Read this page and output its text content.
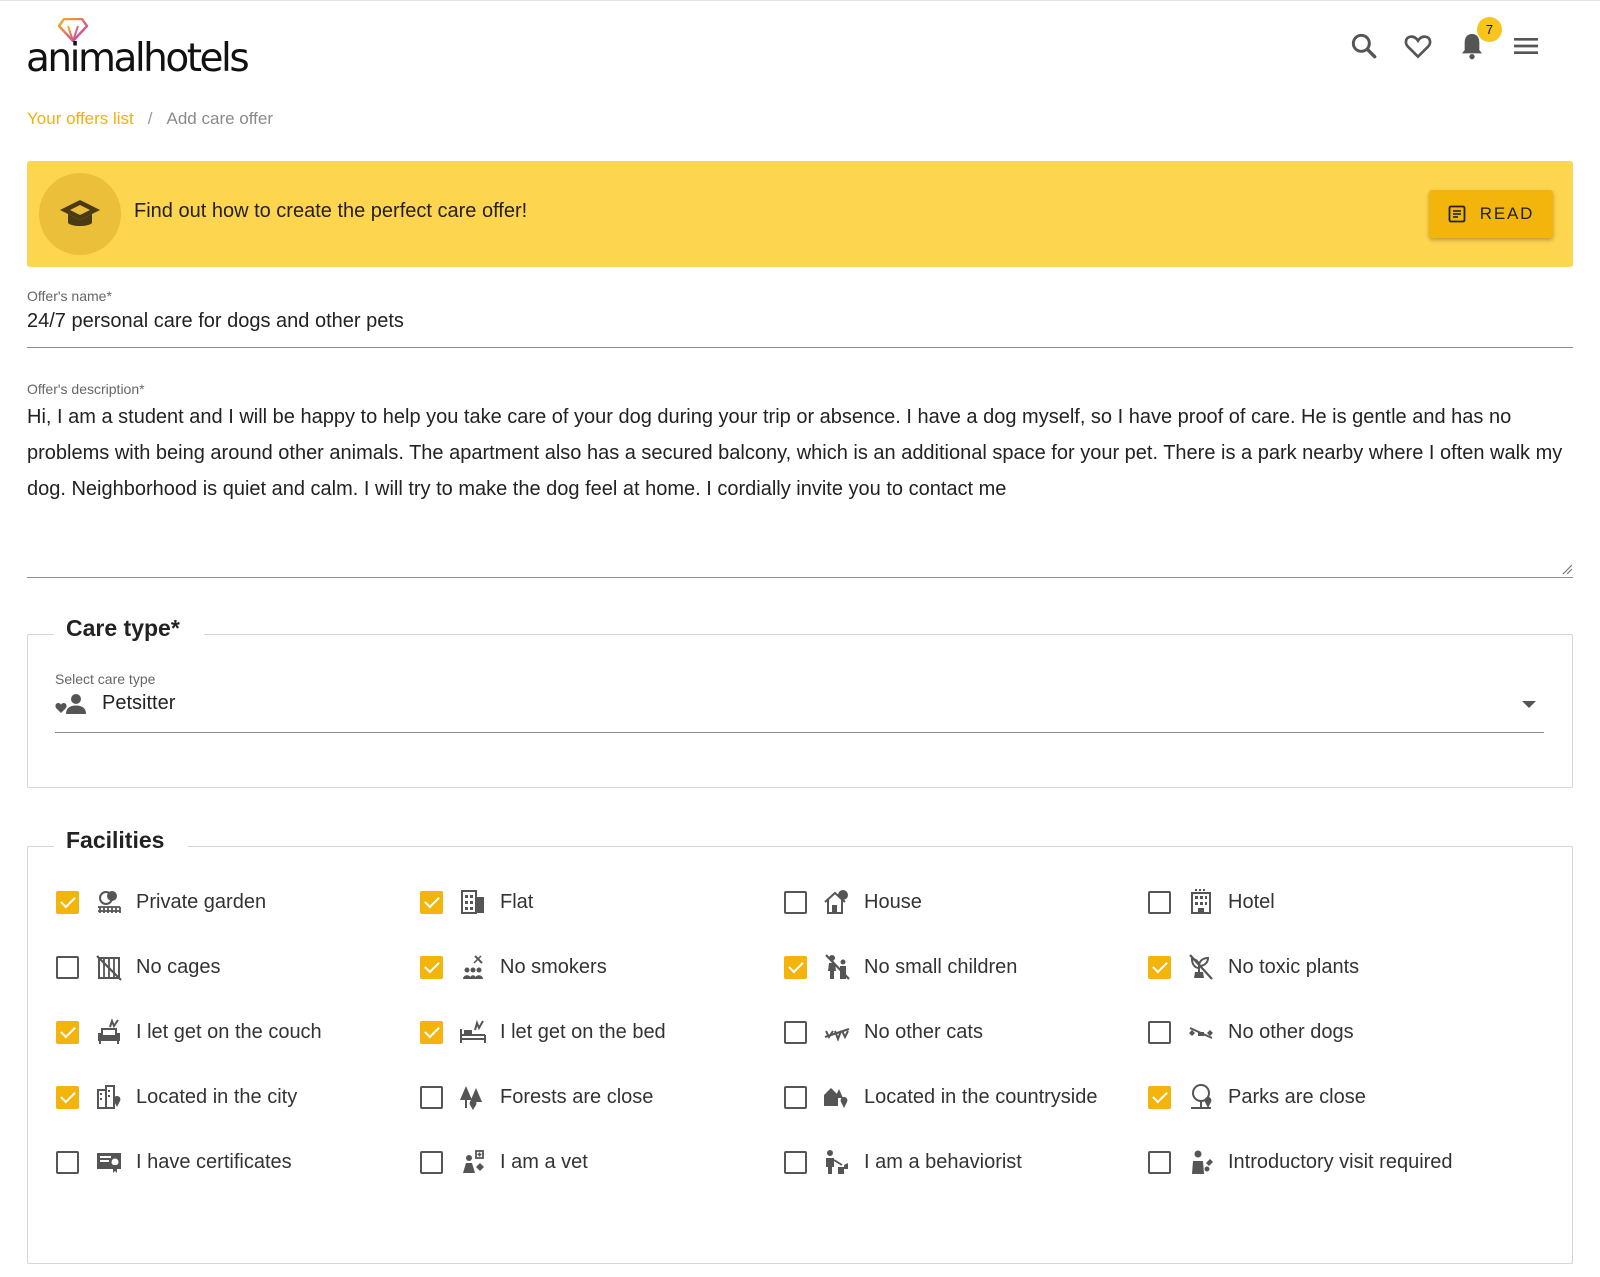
animalhotels
7
Your offers list / Add care offer
Find out how to create the perfect care offer!	READ
Offer's name*
24/7 personal care for dogs and other pets
Offer's description*
Hi, I am a student and I will be happy to help you take care of your dog during your trip or absence. I have a dog myself, so I have proof of care. He is gentle and has no problems with being around other animals. The apartment also has a secured balcony, which is an additional space for your pet. There is a park nearby where I often walk my dog. Neighborhood is quiet and calm. I will try to make the dog feel at home. I cordially invite you to contact me
Care type*
Select care type
Petsitter
Facilities
Private garden	Flat	House	Hotel
No cages	No smokers	No small children	No toxic plants
I let get on the couch	I let get on the bed	No other cats	No other dogs
Located in the city	Forests are close	Located in the countryside	Parks are close
I have certificates	I am a vet	I am a behaviorist	Introductory visit required
